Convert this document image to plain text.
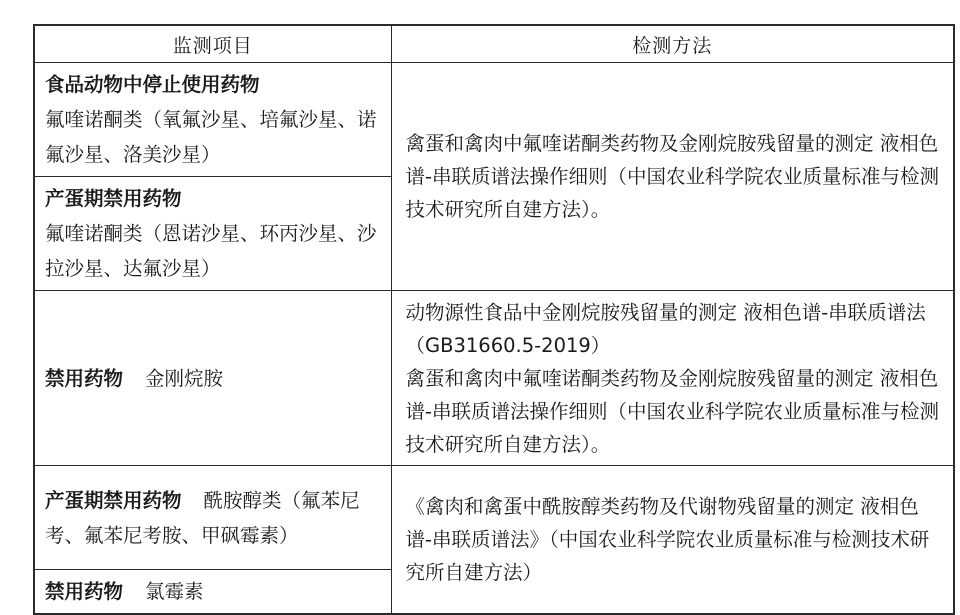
监测项目	检测方法

食品动物中停止使用药物
氟喹诺酮类（氧氟沙星、培氟沙星、诺氟沙星、洛美沙星）	禽蛋和禽肉中氟喹诺酮类药物及金刚烷胺残留量的测定 液相色谱-串联质谱法操作细则（中国农业科学院农业质量标准与检测技术研究所自建方法）。

产蛋期禁用药物
氟喹诺酮类（恩诺沙星、环丙沙星、沙拉沙星、达氟沙星）	

禁用药物 金刚烷胺	动物源性食品中金刚烷胺残留量的测定 液相色谱-串联质谱法（GB31660.5-2019）
禽蛋和禽肉中氟喹诺酮类药物及金刚烷胺残留量的测定 液相色谱-串联质谱法操作细则（中国农业科学院农业质量标准与检测技术研究所自建方法）。

产蛋期禁用药物 酰胺醇类（氟苯尼考、氟苯尼考胺、甲砜霉素）	《禽肉和禽蛋中酰胺醇类药物及代谢物残留量的测定 液相色谱-串联质谱法》（中国农业科学院农业质量标准与检测技术研究所自建方法）

禁用药物 氯霉素	
